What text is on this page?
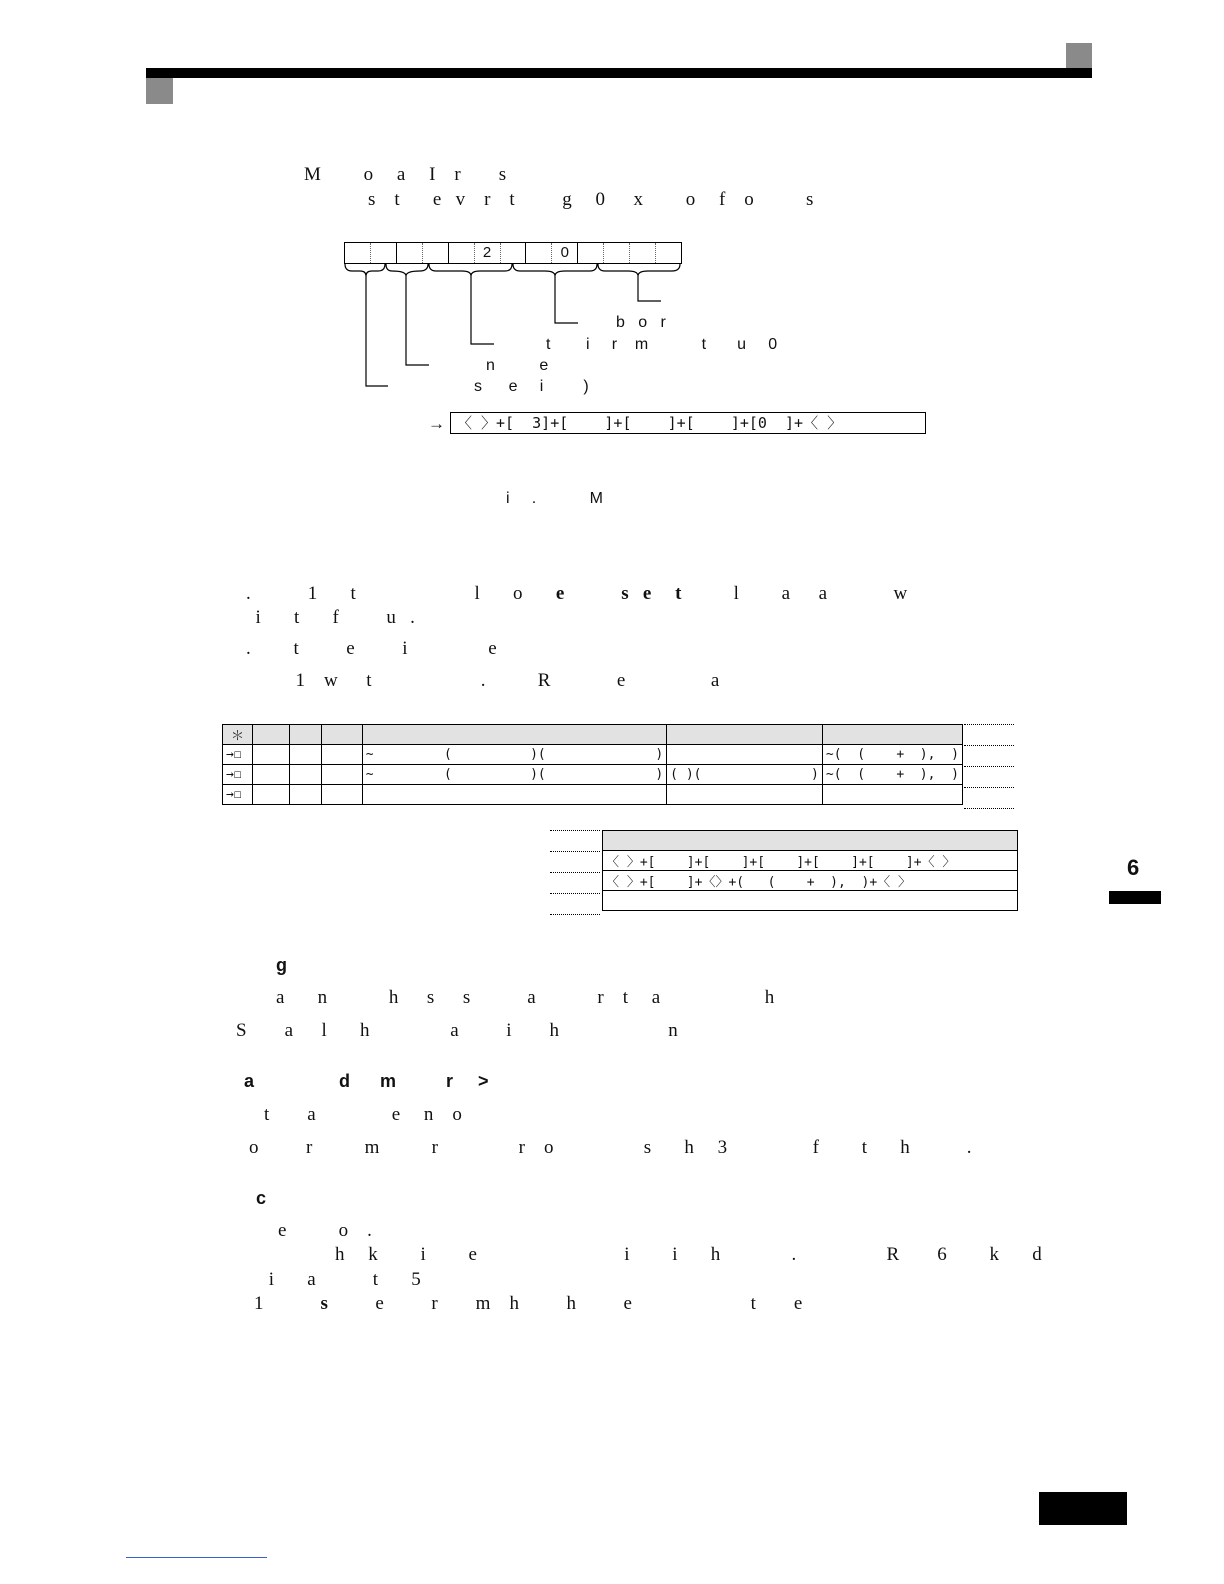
M         o     a     I    r        s
s    t       e   v    r    t          g     0      x         o     f    o           s
2	0
b   o   r
t        i     r    m            t       u     0
n          e
s      e     i         )
→ 〈 〉+[  3]+[    ]+[    ]+[    ]+[0  ]+〈 〉
i     .            M
.            1       t                         l       o       e	s   e     t           l         a      a              w
i       t       f          u   .
.         t          e          i                 e
1    w      t                       .           R              e                  a
＊						
→☐				~         (          )(              )		~(  (    +  ),  )
→☐				~         (          )(              )	( )(              )	~(  (    +  ),  )
→☐						

〈 〉+[    ]+[    ]+[    ]+[    ]+[    ]+〈 〉
〈 〉+[    ]+〈〉+(   (    +  ),  )+〈 〉

6
g
a       n             h      s      s            a             r    t     a                      h
S        a      l       h                 a          i        h                       n
a                 d      m          r     >
t        a                e     n    o
o          r           m           r                 r    o                   s       h     3                  f         t       h            .
c
e           o    .
h     k         i         e                               i         i       h               .                   R        6         k       d
i       a            t       5
1            s          e          r        m    h          h          e                         t        e
